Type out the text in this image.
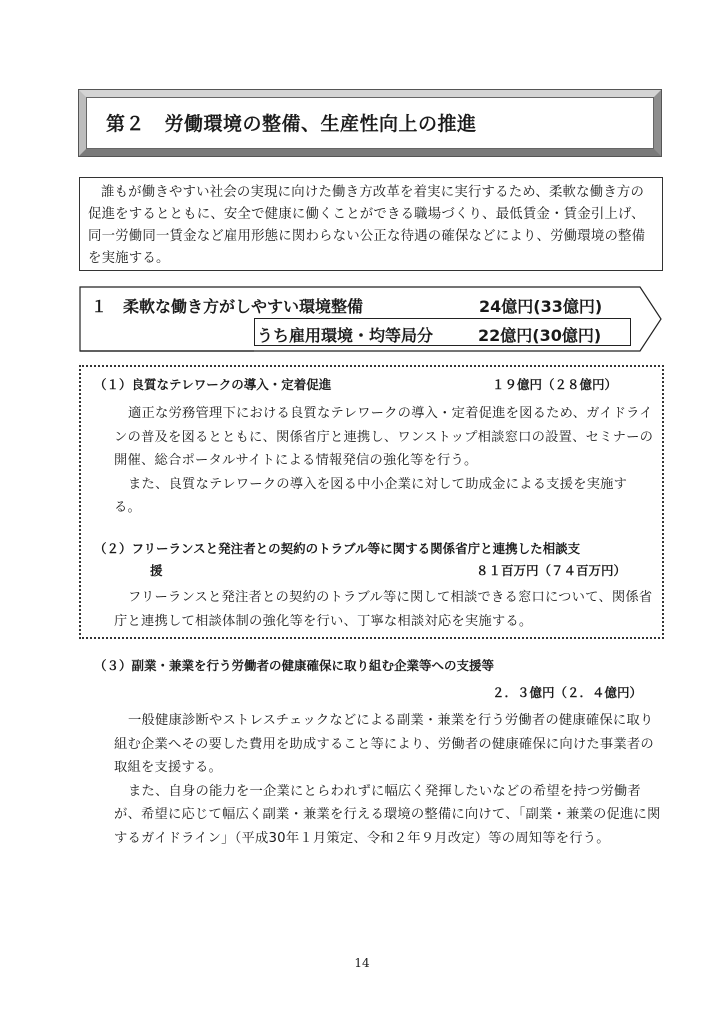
第２　労働環境の整備、生産性向上の推進

誰もが働きやすい社会の実現に向けた働き方改革を着実に実行するため、柔軟な働き方の促進をするとともに、安全で健康に働くことができる職場づくり、最低賃金・賃金引上げ、同一労働同一賃金など雇用形態に関わらない公正な待遇の確保などにより、労働環境の整備を実施する。

１　柔軟な働き方がしやすい環境整備	24億円(33億円)
うち雇用環境・均等局分	22億円(30億円)
（１）良質なテレワークの導入・定着促進	１９億円（２８億円）

適正な労務管理下における良質なテレワークの導入・定着促進を図るため、ガイドラインの普及を図るとともに、関係省庁と連携し、ワンストップ相談窓口の設置、セミナーの開催、総合ポータルサイトによる情報発信の強化等を行う。

また、良質なテレワークの導入を図る中小企業に対して助成金による支援を実施する。

（２）フリーランスと発注者との契約のトラブル等に関する関係省庁と連携した相談支
援	８１百万円（７４百万円）

フリーランスと発注者との契約のトラブル等に関して相談できる窓口について、関係省庁と連携して相談体制の強化等を行い、丁寧な相談対応を実施する。

（３）副業・兼業を行う労働者の健康確保に取り組む企業等への支援等
２．３億円（２．４億円）

一般健康診断やストレスチェックなどによる副業・兼業を行う労働者の健康確保に取り組む企業へその要した費用を助成すること等により、労働者の健康確保に向けた事業者の取組を支援する。

また、自身の能力を一企業にとらわれずに幅広く発揮したいなどの希望を持つ労働者が、希望に応じて幅広く副業・兼業を行える環境の整備に向けて、「副業・兼業の促進に関するガイドライン」（平成30年１月策定、令和２年９月改定）等の周知等を行う。

14
